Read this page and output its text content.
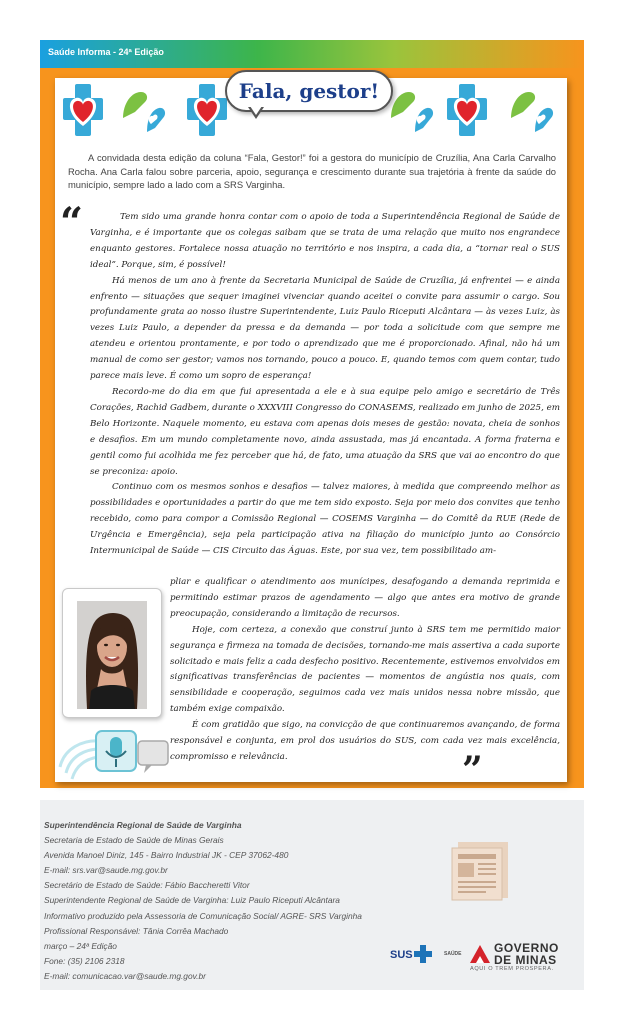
Saúde Informa - 24ª Edição
Fala, gestor!

A convidada desta edição da coluna “Fala, Gestor!” foi a gestora do município de Cruzília, Ana Carla Carvalho Rocha. Ana Carla falou sobre parceria, apoio, segurança e crescimento durante sua trajetória à frente da saúde do município, sempre lado a lado com a SRS Varginha.

“	Tem sido uma grande honra contar com o apoio de toda a Superintendência Regional de Saúde de Varginha, e é importante que os colegas saibam que se trata de uma relação que muito nos engrandece enquanto gestores. Fortalece nossa atuação no território e nos inspira, a cada dia, a “tornar real o SUS ideal”. Porque, sim, é possível!

Há menos de um ano à frente da Secretaria Municipal de Saúde de Cruzília, já enfrentei — e ainda enfrento — situações que sequer imaginei vivenciar quando aceitei o convite para assumir o cargo. Sou profundamente grata ao nosso ilustre Superintendente, Luiz Paulo Riceputi Alcântara — às vezes Luiz, às vezes Luiz Paulo, a depender da pressa e da demanda — por toda a solicitude com que sempre me atendeu e orientou prontamente, e por todo o aprendizado que me é proporcionado. Afinal, não há um manual de como ser gestor; vamos nos tornando, pouco a pouco. E, quando temos com quem contar, tudo parece mais leve. É como um sopro de esperança!

Recordo-me do dia em que fui apresentada a ele e à sua equipe pelo amigo e secretário de Três Corações, Rachid Gadbem, durante o XXXVIII Congresso do CONASEMS, realizado em junho de 2025, em Belo Horizonte. Naquele momento, eu estava com apenas dois meses de gestão: novata, cheia de sonhos e desafios. Em um mundo completamente novo, ainda assustada, mas já encantada. A forma fraterna e gentil como fui acolhida me fez perceber que há, de fato, uma atuação da SRS que vai ao encontro do que se preconiza: apoio.

Continuo com os mesmos sonhos e desafios — talvez maiores, à medida que compreendo melhor as possibilidades e oportunidades a partir do que me tem sido exposto. Seja por meio dos convites que tenho recebido, como para compor a Comissão Regional — COSEMS Varginha — do Comitê da RUE (Rede de Urgência e Emergência), seja pela participação ativa na filiação do município junto ao Consórcio Intermunicipal de Saúde — CIS Circuito das Águas. Este, por sua vez, tem possibilitado am-

pliar e qualificar o atendimento aos munícipes, desafogando a demanda reprimida e permitindo estimar prazos de agendamento — algo que antes era motivo de grande preocupação, considerando a limitação de recursos.

Hoje, com certeza, a conexão que construí junto à SRS tem me permitido maior segurança e firmeza na tomada de decisões, tornando-me mais assertiva a cada suporte solicitado e mais feliz a cada desfecho positivo. Recentemente, estivemos envolvidos em significativas transferências de pacientes — momentos de angústia nos quais, com sensibilidade e cooperação, seguimos cada vez mais unidos nessa nobre missão, que também exige compaixão.

É com gratidão que sigo, na convicção de que continuaremos avançando, de forma responsável e conjunta, em prol dos usuários do SUS, com cada vez mais excelência, compromisso e relevância.	”
Superintendência Regional de Saúde de Varginha
Secretaria de Estado de Saúde de Minas Gerais
Avenida Manoel Diniz, 145 - Bairro Industrial JK - CEP 37062-480
E-mail: srs.var@saude.mg.gov.br
Secretário de Estado de Saúde: Fábio Baccheretti Vitor
Superintendente Regional de Saúde de Varginha: Luiz Paulo Riceputi Alcântara
Informativo produzido pela Assessoria de Comunicação Social/ AGRE- SRS Varginha
Profissional Responsável: Tânia Corrêa Machado
março – 24ª Edição
Fone: (35) 2106 2318
E-mail: comunicacao.var@saude.mg.gov.br
SUS	SAÚDE	GOVERNO
DE MINAS
AQUI O TREM PROSPERA.
